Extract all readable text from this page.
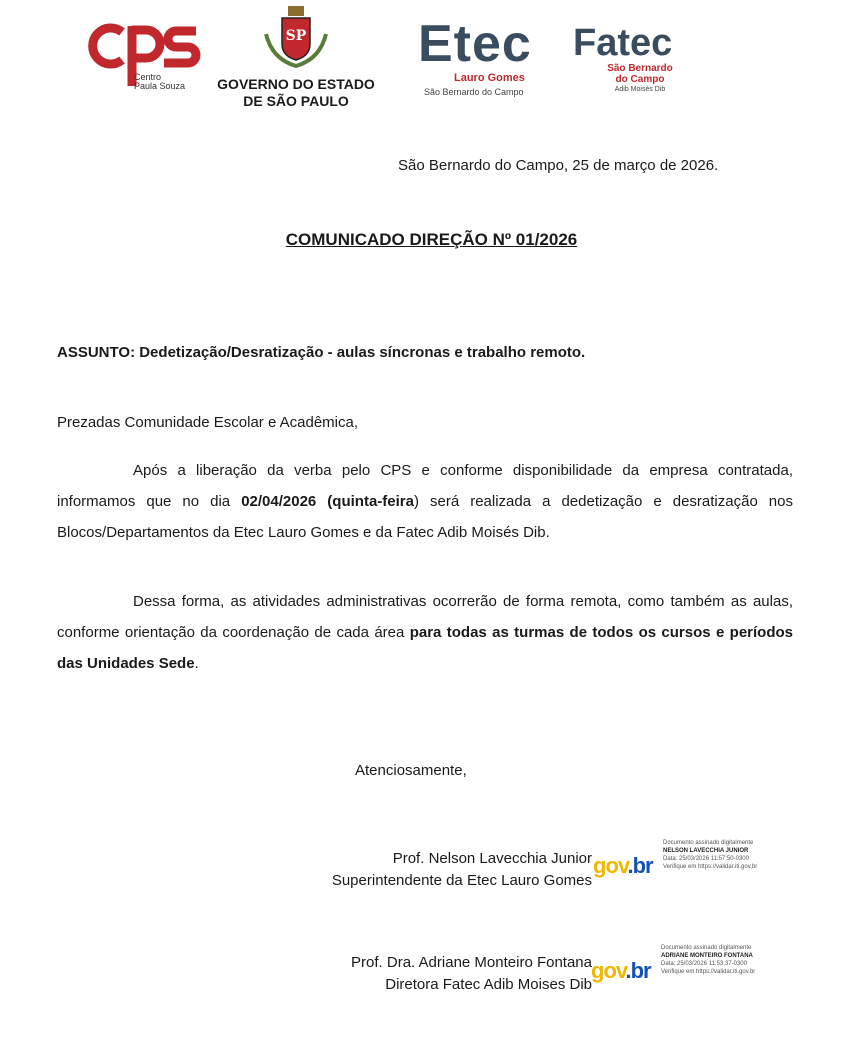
Centro
Paula Souza
SP
GOVERNO DO ESTADO
DE SÃO PAULO
Etec
Lauro Gomes
São Bernardo do Campo
Fatec
São Bernardo
do Campo
Adib Moisés Dib
São Bernardo do Campo, 25 de março de 2026.
COMUNICADO DIREÇÃO Nº 01/2026
ASSUNTO: Dedetização/Desratização - aulas síncronas e trabalho remoto.
Prezadas Comunidade Escolar e Acadêmica,
Após a liberação da verba pelo CPS e conforme disponibilidade da empresa contratada, informamos que no dia 02/04/2026 (quinta-feira) será realizada a dedetização e desratização nos Blocos/Departamentos da Etec Lauro Gomes e da Fatec Adib Moisés Dib.
Dessa forma, as atividades administrativas ocorrerão de forma remota, como também as aulas, conforme orientação da coordenação de cada área para todas as turmas de todos os cursos e períodos das Unidades Sede.
Atenciosamente,
Prof. Nelson Lavecchia Junior
Superintendente da Etec Lauro Gomes
gov.br
Documento assinado digitalmente
NELSON LAVECCHIA JUNIOR
Data: 25/03/2026 11:57:50-0300
Verifique em https://validar.iti.gov.br
Prof. Dra. Adriane Monteiro Fontana
Diretora Fatec Adib Moises Dib
gov.br
Documento assinado digitalmente
ADRIANE MONTEIRO FONTANA
Data: 25/03/2026 11:53:37-0300
Verifique em https://validar.iti.gov.br
